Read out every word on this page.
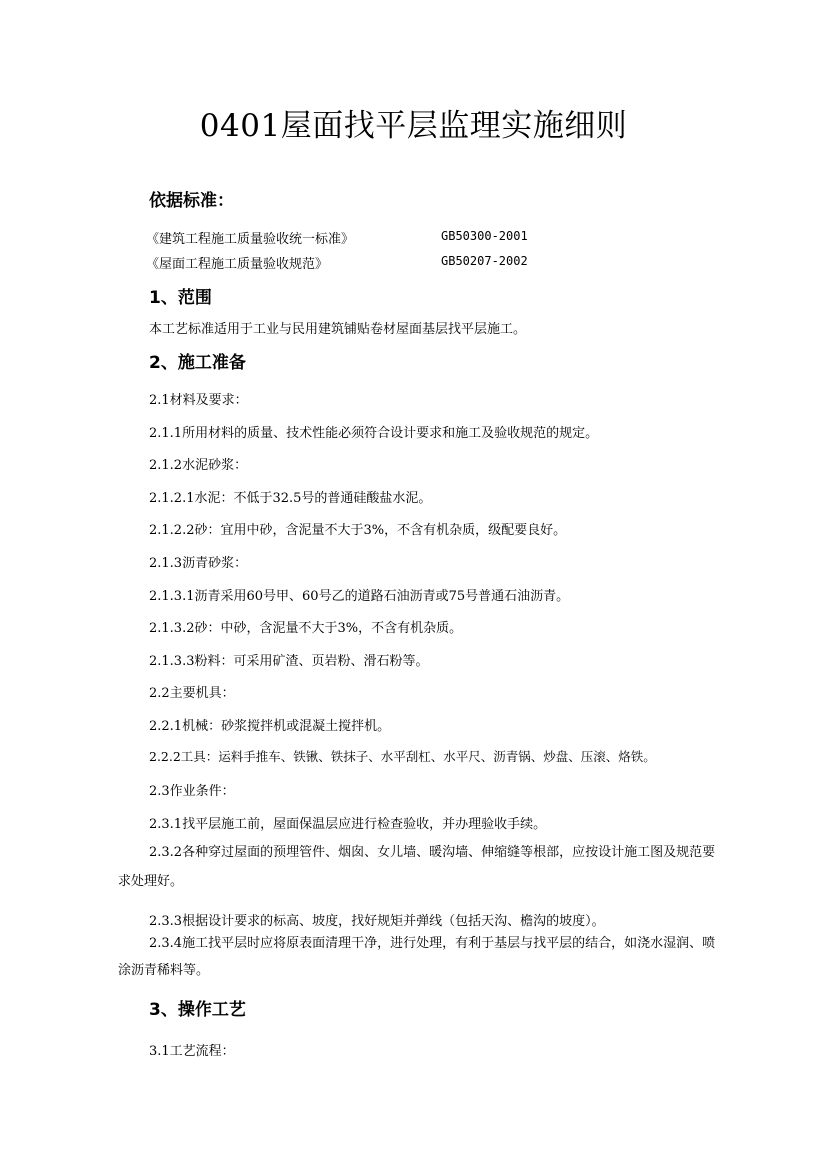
0401屋面找平层监理实施细则
依据标准：
《建筑工程施工质量验收统一标准》	GB50300-2001
《屋面工程施工质量验收规范》	GB50207-2002
1、范围
本工艺标准适用于工业与民用建筑铺贴卷材屋面基层找平层施工。
2、施工准备
2.1材料及要求：
2.1.1所用材料的质量、技术性能必须符合设计要求和施工及验收规范的规定。
2.1.2水泥砂浆：
2.1.2.1水泥：不低于32.5号的普通硅酸盐水泥。
2.1.2.2砂：宜用中砂，含泥量不大于3%，不含有机杂质，级配要良好。
2.1.3沥青砂浆：
2.1.3.1沥青采用60号甲、60号乙的道路石油沥青或75号普通石油沥青。
2.1.3.2砂：中砂，含泥量不大于3%，不含有机杂质。
2.1.3.3粉料：可采用矿渣、页岩粉、滑石粉等。
2.2主要机具：
2.2.1机械：砂浆搅拌机或混凝土搅拌机。
2.2.2工具：运料手推车、铁锹、铁抹子、水平刮杠、水平尺、沥青锅、炒盘、压滚、烙铁。
2.3作业条件：
2.3.1找平层施工前，屋面保温层应进行检查验收，并办理验收手续。
2.3.2各种穿过屋面的预埋管件、烟囱、女儿墙、暖沟墙、伸缩缝等根部，应按设计施工图及规范要求处理好。
2.3.3根据设计要求的标高、坡度，找好规矩并弹线（包括天沟、檐沟的坡度）。
2.3.4施工找平层时应将原表面清理干净，进行处理，有利于基层与找平层的结合，如浇水湿润、喷涂沥青稀料等。
3、操作工艺
3.1工艺流程：
